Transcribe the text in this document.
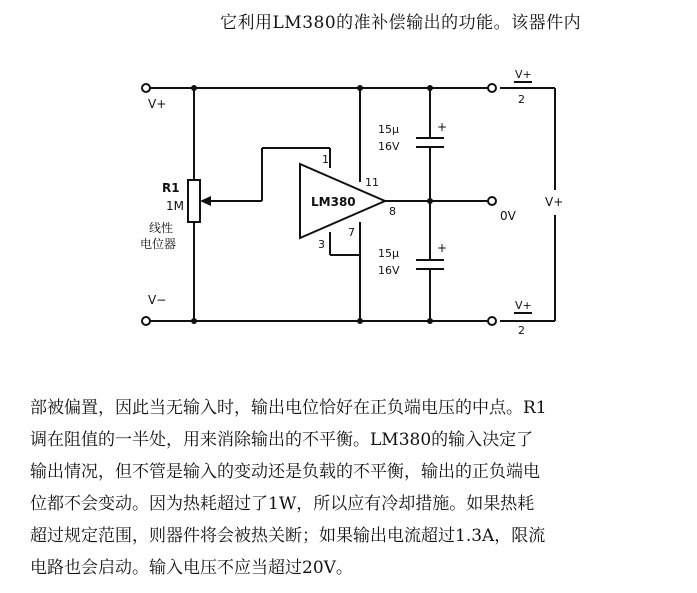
它利用LM380的准补偿输出的功能。该器件内
V+
V−
R1
1M
线性
电位器
LM380
1
3
7
11
8
15μ
16V
15μ
16V
+
+
0V
V+
2
V+
2
V+

部被偏置，因此当无输入时，输出电位恰好在正负端电压的中点。R1

调在阻值的一半处，用来消除输出的不平衡。LM380的输入决定了

输出情况，但不管是输入的变动还是负载的不平衡，输出的正负端电

位都不会变动。因为热耗超过了1W，所以应有冷却措施。如果热耗

超过规定范围，则器件将会被热关断；如果输出电流超过1.3A，限流

电路也会启动。输入电压不应当超过20V。
